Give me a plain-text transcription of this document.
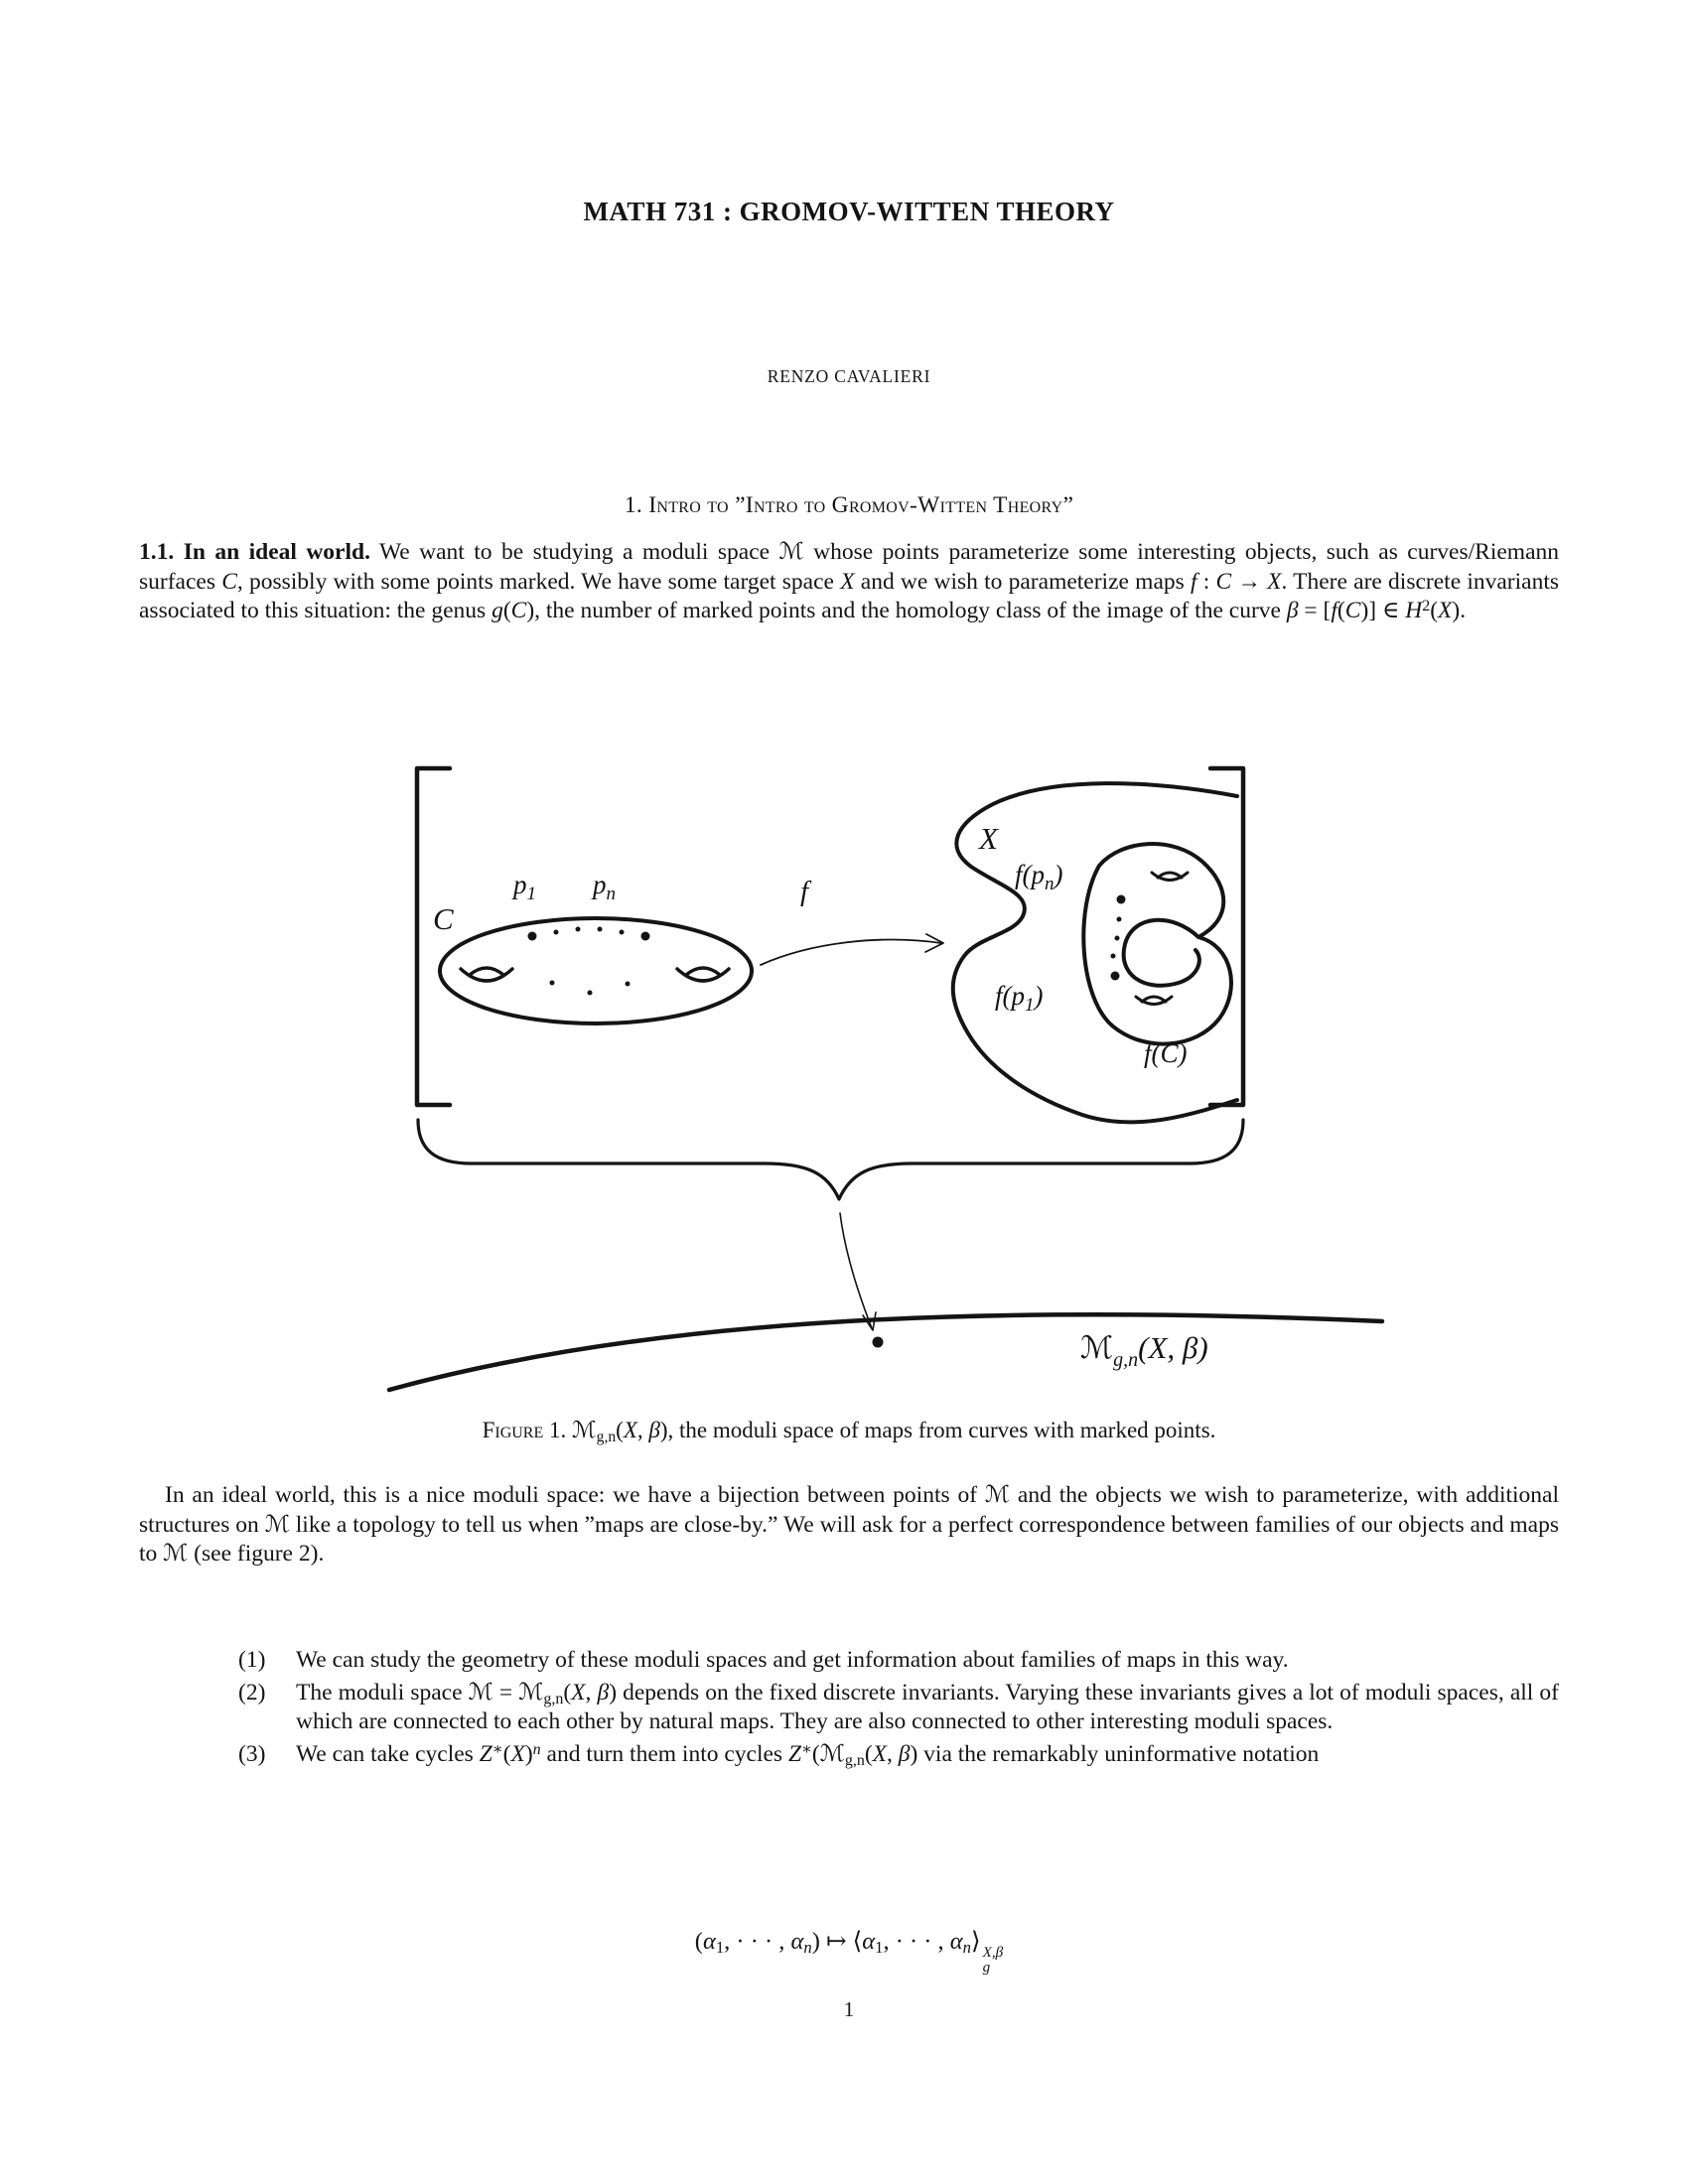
MATH 731 : GROMOV-WITTEN THEORY
RENZO CAVALIERI
1. Intro to ”Intro to Gromov-Witten Theory”
1.1. In an ideal world. We want to be studying a moduli space ℳ whose points parameterize some interesting objects, such as curves/Riemann surfaces C, possibly with some points marked. We have some target space X and we wish to parameterize maps f : C → X. There are discrete invariants associated to this situation: the genus g(C), the number of marked points and the homology class of the image of the curve β = [f(C)] ∈ $H^2(X)$.
C
$p_1$ $p_n$	f
X
$f(p_n)$
$f(p_1)$
f(C)
ℳ$_{g,n}$(X, β)
Figure 1. ℳ$_{g,n}$(X, β), the moduli space of maps from curves with marked points.
In an ideal world, this is a nice moduli space: we have a bijection between points of ℳ and the objects we wish to parameterize, with additional structures on ℳ like a topology to tell us when ”maps are close-by.” We will ask for a perfect correspondence between families of our objects and maps to ℳ (see figure 2).
(1) We can study the geometry of these moduli spaces and get information about families of maps in this way.
(2) The moduli space ℳ = ℳ$_{g,n}$(X, β) depends on the fixed discrete invariants. Varying these invariants gives a lot of moduli spaces, all of which are connected to each other by natural maps. They are also connected to other interesting moduli spaces.
(3) We can take cycles $Z^∗(X)^n$ and turn them into cycles Z∗(ℳ$_{g,n}$(X, β) via the remarkably uninformative notation
($\alpha_1$, · · · , $\alpha_n$) ↦ $⟨\alpha_1$, · · · , $\alpha_n⟩$ X,β
g
1
